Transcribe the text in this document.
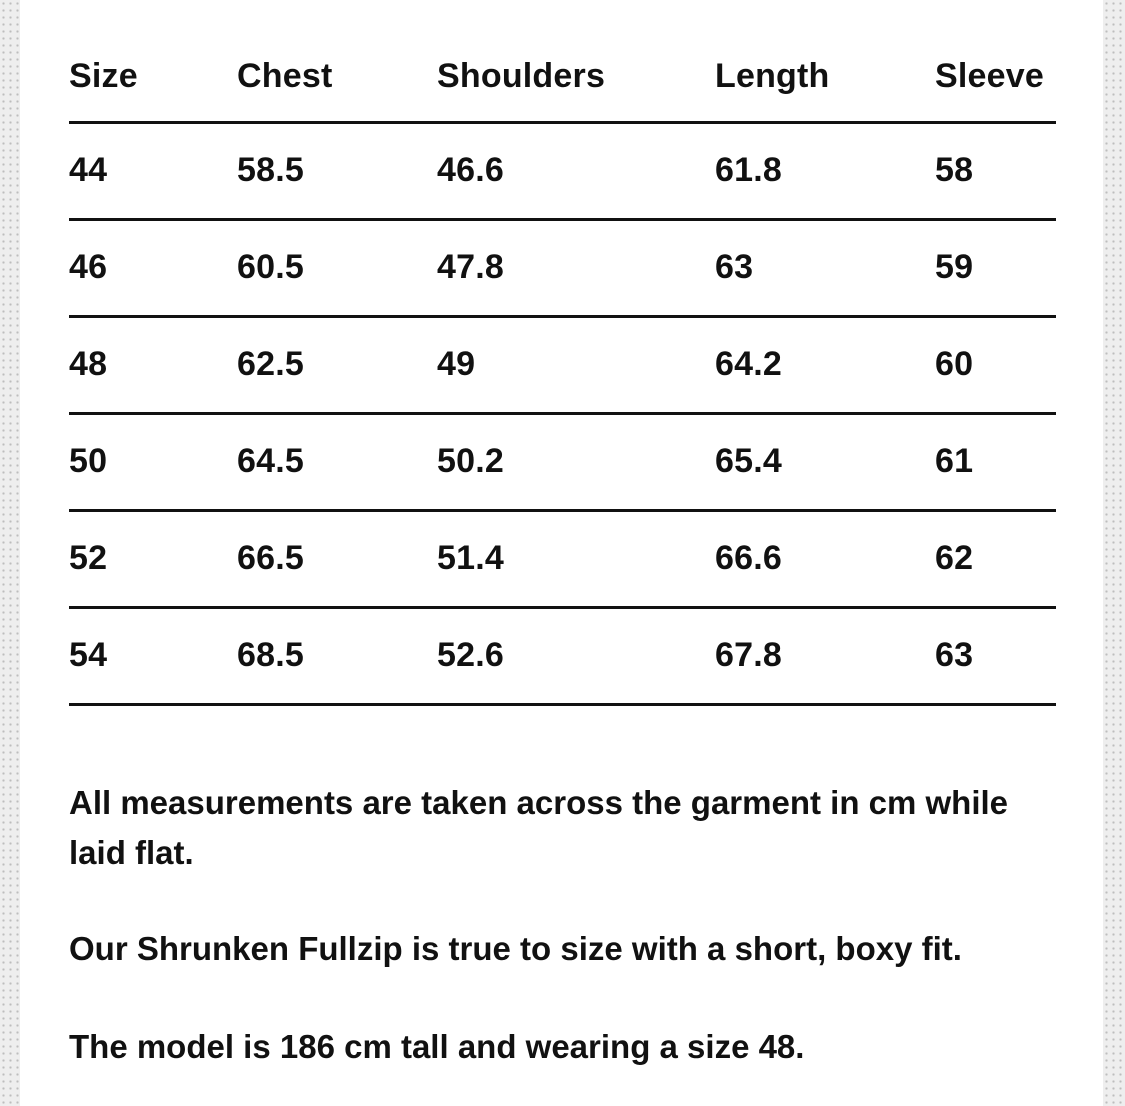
Size	Chest	Shoulders	Length	Sleeve
44	58.5	46.6	61.8	58
46	60.5	47.8	63	59
48	62.5	49	64.2	60
50	64.5	50.2	65.4	61
52	66.5	51.4	66.6	62
54	68.5	52.6	67.8	63

All measurements are taken across the garment in cm while laid flat.

Our Shrunken Fullzip is true to size with a short, boxy fit.

The model is 186 cm tall and wearing a size 48.
